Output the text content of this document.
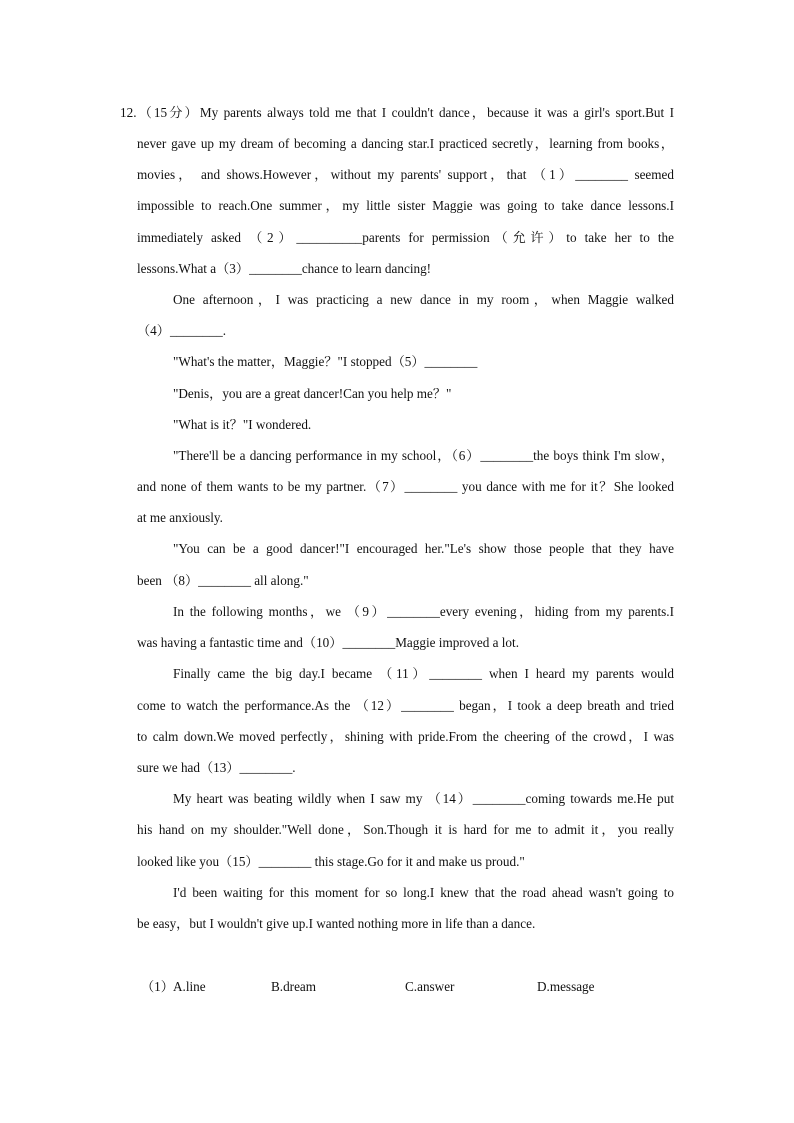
12.（15分）My parents always told me that I couldn't dance，because it was a girl's sport.But I
never gave up my dream of becoming a dancing star.I practiced secretly，learning from books，
movies， and shows.However，without my parents' support，that （1）________ seemed
impossible to reach.One summer，my little sister Maggie was going to take dance lessons.I
immediately asked （2）__________parents for permission（允许）to take her to the
lessons.What a（3）________chance to learn dancing!
One afternoon，I was practicing a new dance in my room，when Maggie walked
（4）________.
"What's the matter，Maggie？"I stopped（5）________
"Denis，you are a great dancer!Can you help me？"
"What is it？"I wondered.
"There'll be a dancing performance in my school，（6）________the boys think I'm slow，
and none of them wants to be my partner.（7）________ you dance with me for it？She looked
at me anxiously.
"You can be a good dancer!"I encouraged her."Le's show those people that they have
been （8）________ all along."
In the following months，we （9）________every evening，hiding from my parents.I
was having a fantastic time and（10）________Maggie improved a lot.
Finally came the big day.I became （11）________ when I heard my parents would
come to watch the performance.As the （12）________ began，I took a deep breath and tried
to calm down.We moved perfectly，shining with pride.From the cheering of the crowd，I was
sure we had（13）________.
My heart was beating wildly when I saw my （14）________coming towards me.He put
his hand on my shoulder."Well done，Son.Though it is hard for me to admit it，you really
looked like you（15）________ this stage.Go for it and make us proud."
I'd been waiting for this moment for so long.I knew that the road ahead wasn't going to
be easy，but I wouldn't give up.I wanted nothing more in life than a dance.
（1） A.line	B.dream	C.answer	D.message
